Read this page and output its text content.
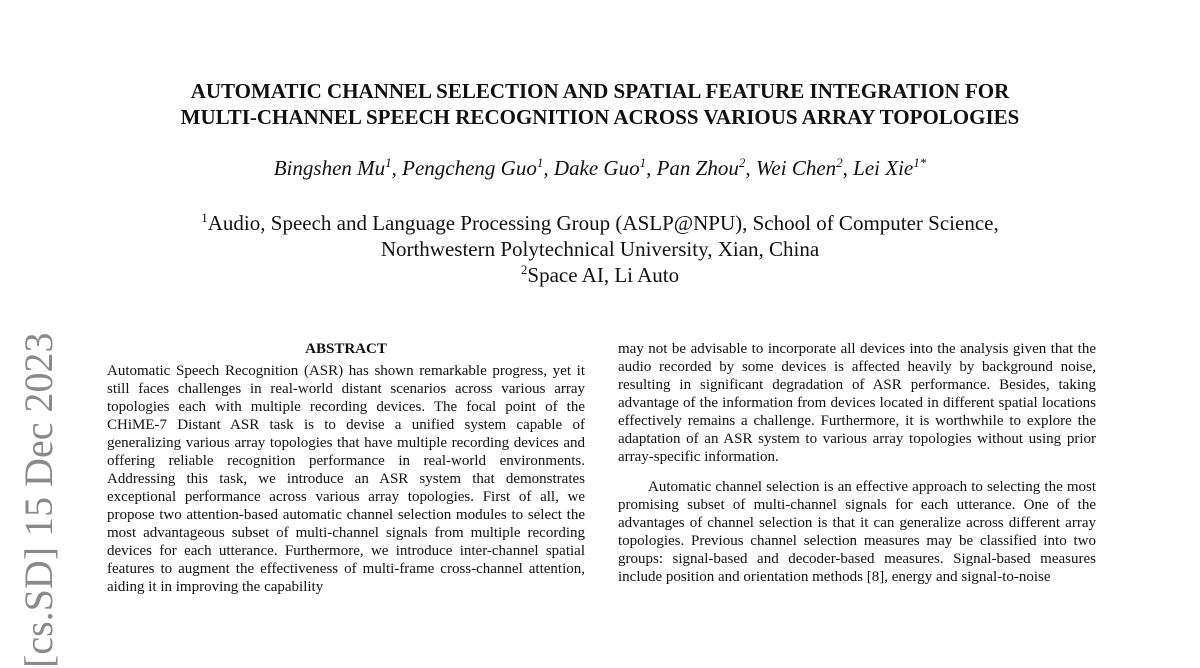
AUTOMATIC CHANNEL SELECTION AND SPATIAL FEATURE INTEGRATION FOR
MULTI-CHANNEL SPEECH RECOGNITION ACROSS VARIOUS ARRAY TOPOLOGIES
Bingshen Mu$^1$, Pengcheng Guo$^1$, Dake Guo$^1$, Pan Zhou$^2$, Wei Chen$^2$, Lei Xie$^{1*}$
$^1$Audio, Speech and Language Processing Group (ASLP@NPU), School of Computer Science,
Northwestern Polytechnical University, Xian, China
$^2$Space AI, Li Auto
[cs.SD] 15 Dec 2023	ABSTRACT

Automatic Speech Recognition (ASR) has shown remarkable progress, yet it still faces challenges in real-world distant scenarios across various array topologies each with multiple recording devices. The focal point of the CHiME-7 Distant ASR task is to devise a unified system capable of generalizing various array topologies that have multiple recording devices and offering reliable recognition performance in real-world environments. Addressing this task, we introduce an ASR system that demonstrates exceptional performance across various array topologies. First of all, we propose two attention-based automatic channel selection modules to select the most advantageous subset of multi-channel signals from multiple recording devices for each utterance. Furthermore, we introduce inter-channel spatial features to augment the effectiveness of multi-frame cross-channel attention, aiding it in improving the capability

may not be advisable to incorporate all devices into the analysis given that the audio recorded by some devices is affected heavily by background noise, resulting in significant degradation of ASR performance. Besides, taking advantage of the information from devices located in different spatial locations effectively remains a challenge. Furthermore, it is worthwhile to explore the adaptation of an ASR system to various array topologies without using prior array-specific information.

Automatic channel selection is an effective approach to selecting the most promising subset of multi-channel signals for each utterance. One of the advantages of channel selection is that it can generalize across different array topologies. Previous channel selection measures may be classified into two groups: signal-based and decoder-based measures. Signal-based measures include position and orientation methods [8], energy and signal-to-noise
